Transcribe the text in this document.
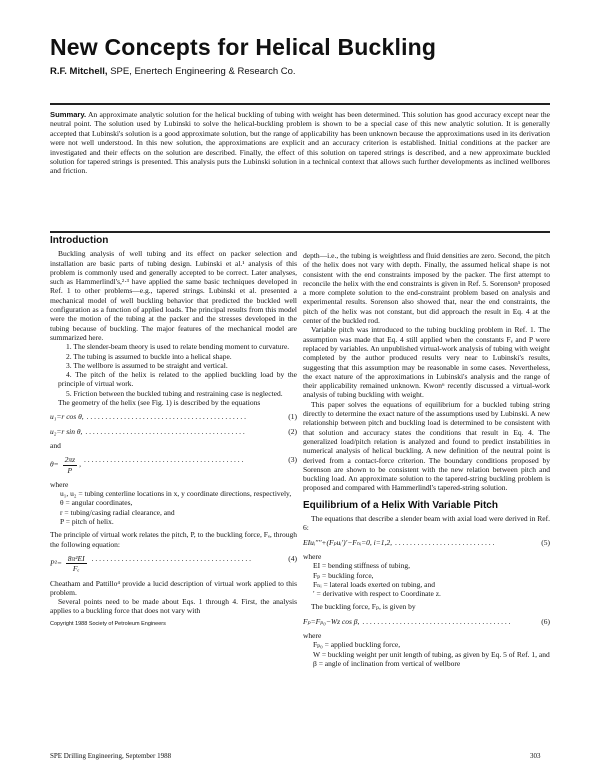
New Concepts for Helical Buckling
R.F. Mitchell, SPE, Enertech Engineering & Research Co.
Summary. An approximate analytic solution for the helical buckling of tubing with weight has been determined. This solution has good accuracy except near the neutral point. The solution used by Lubinski to solve the helical-buckling problem is shown to be a special case of this new analytic solution. It is generally accepted that Lubinski's solution is a good approximate solution, but the range of applicability has been unknown because the approximations used in its derivation were not well understood. In this new solution, the approximations are explicit and an accuracy criterion is established. Initial conditions at the packer are investigated and their effects on the solution are described. Finally, the effect of this solution on tapered strings is described, and a new approximate buckled solution for tapered strings is presented. This analysis puts the Lubinski solution in a technical context that allows such further developments as inclined wellbores and friction.
Introduction

Buckling analysis of well tubing and its effect on packer selection and installation are basic parts of tubing design. Lubinski et al.¹ analysis of this problem is commonly used and generally accepted to be correct. Later analyses, such as Hammerlindl's,²·³ have applied the same basic techniques developed in Ref. 1 to other problems—e.g., tapered strings. Lubinski et al. presented a mechanical model of well buckling behavior that predicted the buckled well configuration as a function of applied loads. The principal results from this model were the motion of the tubing at the packer and the stresses developed in the tubing because of buckling. The major features of the mechanical model are summarized here.

1. The slender-beam theory is used to relate bending moment to curvature.

2. The tubing is assumed to buckle into a helical shape.

3. The wellbore is assumed to be straight and vertical.

4. The pitch of the helix is related to the applied buckling load by the principle of virtual work.

5. Friction between the buckled tubing and restraining case is neglected.

The geometry of the helix (see Fig. 1) is described by the equations

u₁=r cos θ, . . . . . . . . . . . . . . . . . . . . . . . . . . . . . . . . . . . . . . . . . . .	(1)
u₂=r sin θ, . . . . . . . . . . . . . . . . . . . . . . . . . . . . . . . . . . . . . . . . . . .	(2)

and

$\theta= \frac{2\pi z}{P}$ ,
. . . . . . . . . . . . . . . . . . . . . . . . . . . . . . . . . . . . . . . . . . .	(3)

where

u₁, u₂ = tubing centerline locations in x, y coordinate directions, respectively,
θ = angular coordinates,
r = tubing/casing radial clearance, and
P = pitch of helix.

The principle of virtual work relates the pitch, P, to the buckling force, Fₑ, through the following equation:

$P^2= \frac{\text{8π²EI}}{\text{Fₑ}}$ . . . . . . . . . . . . . . . . . . . . . . . . . . . . . . . . . . . . . . . . . . .	(4)

Cheatham and Pattillo⁴ provide a lucid description of virtual work applied to this problem.

Several points need to be made about Eqs. 1 through 4. First, the analysis applies to a buckling force that does not vary with

Copyright 1988 Society of Petroleum Engineers

depth—i.e., the tubing is weightless and fluid densities are zero. Second, the pitch of the helix does not vary with depth. Finally, the assumed helical shape is not consistent with the end constraints imposed by the packer. The first attempt to reconcile the helix with the end constraints is given in Ref. 5. Sorenson⁵ proposed a more complete solution to the end-constraint problem based on analysis and experimental results. Sorenson also showed that, near the end constraints, the pitch of the helix was not constant, but did approach the result in Eq. 4 at the center of the buckled rod.

Variable pitch was introduced to the tubing buckling problem in Ref. 1. The assumption was made that Eq. 4 still applied when the constants Fₑ and P were replaced by variables. An unpublished virtual-work analysis of tubing with weight completed by the author produced results very near to Lubinski's results, suggesting that this assumption may be reasonable in some cases. Nevertheless, the exact nature of the approximations in Lubinski's analysis and the range of their applicability remained unknown. Kwon⁶ recently discussed a virtual-work analysis of tubing buckling with weight.

This paper solves the equations of equilibrium for a buckled tubing string directly to determine the exact nature of the assumptions used by Lubinski. A new relationship between pitch and buckling load is determined to be consistent with that solution and accuracy states the conditions that result in Eq. 4. The generalized load/pitch relation is analyzed and found to predict instabilities in numerical analysis of helical buckling. A new definition of the neutral point is derived from a contact-force criterion. The boundary conditions proposed by Sorenson are shown to be consistent with the new relation between pitch and buckling load. An approximate solution to the tapered-string buckling problem is proposed and compared with Hammerlindl's tapered-string solution.

Equilibrium of a Helix With Variable Pitch

The equations that describe a slender beam with axial load were derived in Ref. 6:

EIuᵢ''''+(Fₚuᵢ')'−Fₙᵢ=0, i=1,2, . . . . . . . . . . . . . . . . . . . . . . . . . . .	(5)

where

EI = bending stiffness of tubing,
Fₚ = buckling force,
Fₙᵢ = lateral loads exerted on tubing, and
′ = derivative with respect to Coordinate z.

The buckling force, Fₚ, is given by

Fₚ=Fₚ₀−Wz cos β, . . . . . . . . . . . . . . . . . . . . . . . . . . . . . . . . . . . . . . . .	(6)

where

Fₚ₀ = applied buckling force,
W = buckling weight per unit length of tubing, as given by Eq. 5 of Ref. 1, and
β = angle of inclination from vertical of wellbore
SPE Drilling Engineering, September 1988	303
